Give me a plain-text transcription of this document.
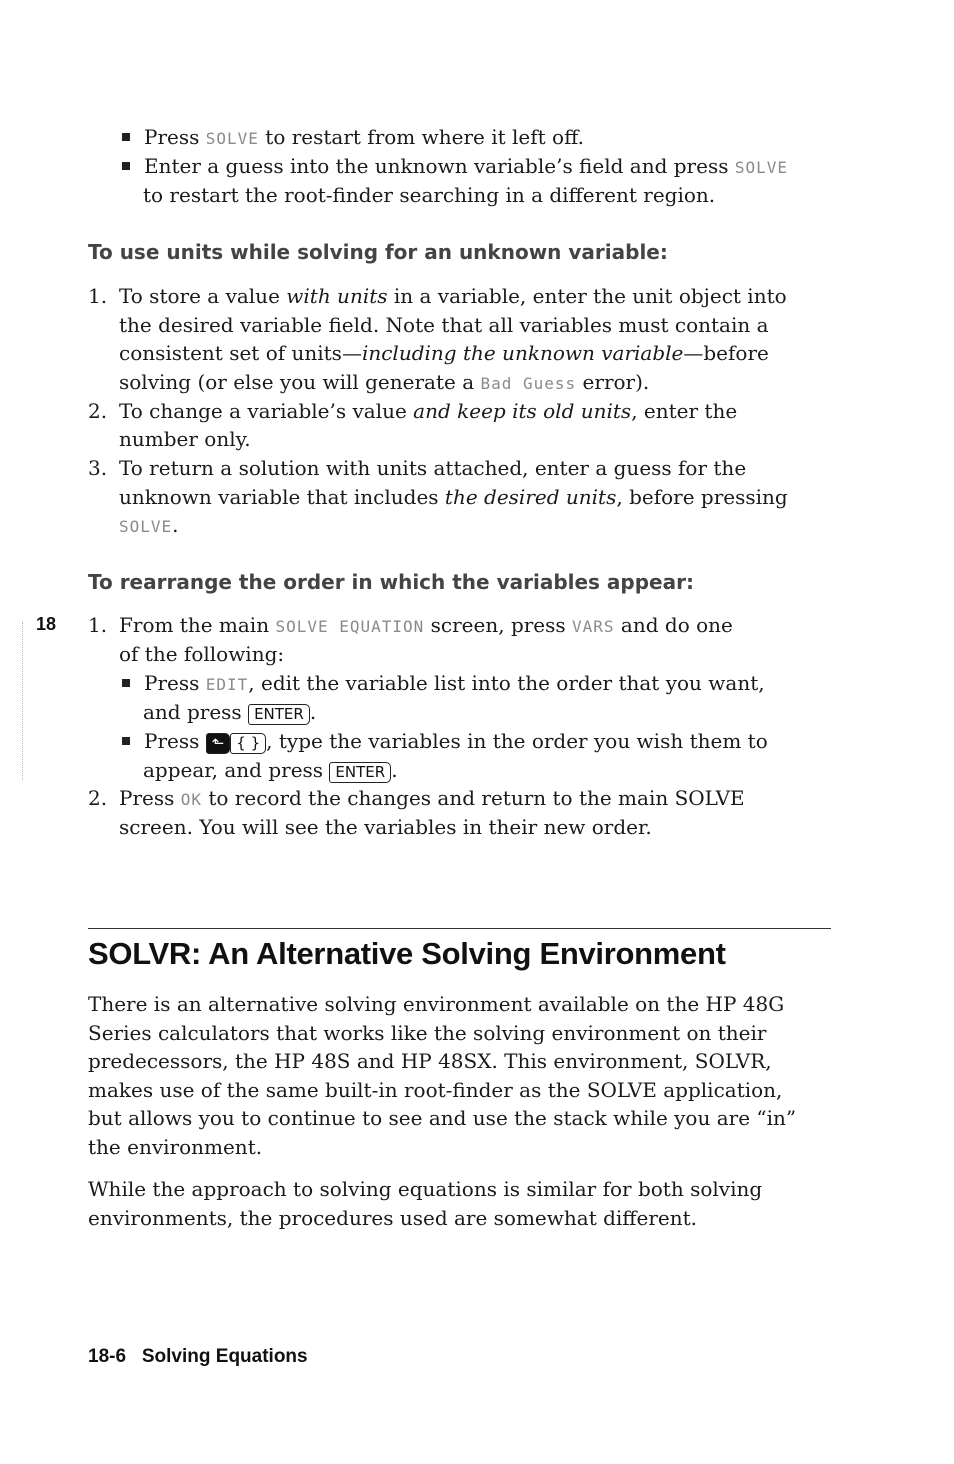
Press SOLVE to restart from where it left off.
Enter a guess into the unknown variable’s field and press SOLVE
to restart the root-finder searching in a different region.
To use units while solving for an unknown variable:
1. To store a value with units in a variable, enter the unit object into
the desired variable field. Note that all variables must contain a
consistent set of units—including the unknown variable—before
solving (or else you will generate a Bad Guess error).
2. To change a variable’s value and keep its old units, enter the
number only.
3. To return a solution with units attached, enter a guess for the
unknown variable that includes the desired units, before pressing
SOLVE.
To rearrange the order in which the variables appear:
18 1. From the main SOLVE EQUATION screen, press VARS and do one
of the following:
Press EDIT, edit the variable list into the order that you want,
and press ENTER .
Press ⬑ { } , type the variables in the order you wish them to
appear, and press ENTER .
2. Press OK to record the changes and return to the main SOLVE
screen. You will see the variables in their new order.
SOLVR: An Alternative Solving Environment
There is an alternative solving environment available on the HP 48G
Series calculators that works like the solving environment on their
predecessors, the HP 48S and HP 48SX. This environment, SOLVR,
makes use of the same built-in root-finder as the SOLVE application,
but allows you to continue to see and use the stack while you are “in”
the environment.
While the approach to solving equations is similar for both solving
environments, the procedures used are somewhat different.
18-6 Solving Equations
